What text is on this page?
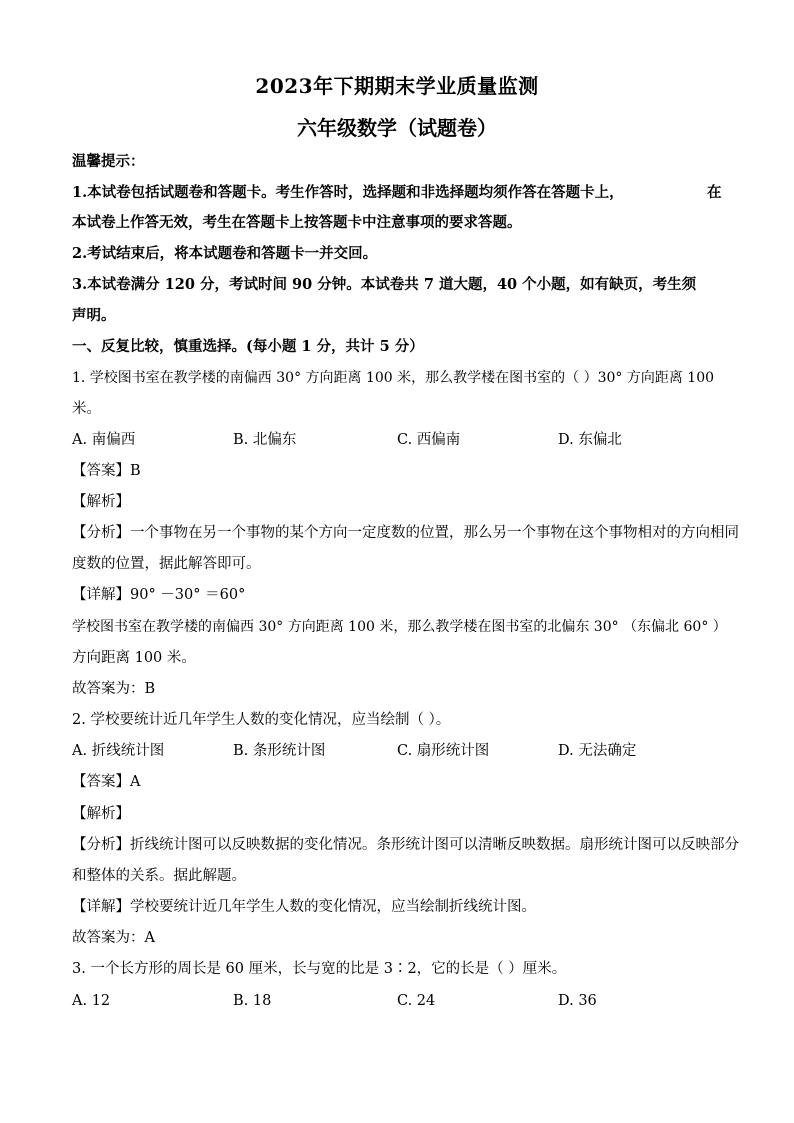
2023年下期期末学业质量监测
六年级数学（试题卷）
温馨提示：
1.本试卷包括试题卷和答题卡。考生作答时，选择题和非选择题均须作答在答题卡上，	在
本试卷上作答无效，考生在答题卡上按答题卡中注意事项的要求答题。
2.考试结束后，将本试题卷和答题卡一并交回。
3.本试卷满分 120 分，考试时间 90 分钟。本试卷共 7 道大题，40 个小题，如有缺页，考生须
声明。
一、反复比较，慎重选择。(每小题 1 分，共计 5 分）
1. 学校图书室在教学楼的南偏西 30° 方向距离 100 米，那么教学楼在图书室的（ ）30° 方向距离 100
米。
A. 南偏西	B. 北偏东	C. 西偏南	D. 东偏北
【答案】B
【解析】
【分析】一个事物在另一个事物的某个方向一定度数的位置，那么另一个事物在这个事物相对的方向相同
度数的位置，据此解答即可。
【详解】90° －30° ＝60°
学校图书室在教学楼的南偏西 30° 方向距离 100 米，那么教学楼在图书室的北偏东 30° （东偏北 60° ）
方向距离 100 米。
故答案为：B
2. 学校要统计近几年学生人数的变化情况，应当绘制（ ）。
A. 折线统计图	B. 条形统计图	C. 扇形统计图	D. 无法确定
【答案】A
【解析】
【分析】折线统计图可以反映数据的变化情况。条形统计图可以清晰反映数据。扇形统计图可以反映部分
和整体的关系。据此解题。
【详解】学校要统计近几年学生人数的变化情况，应当绘制折线统计图。
故答案为：A
3. 一个长方形的周长是 60 厘米，长与宽的比是 3∶2，它的长是（ ）厘米。
A. 12	B. 18	C. 24	D. 36
